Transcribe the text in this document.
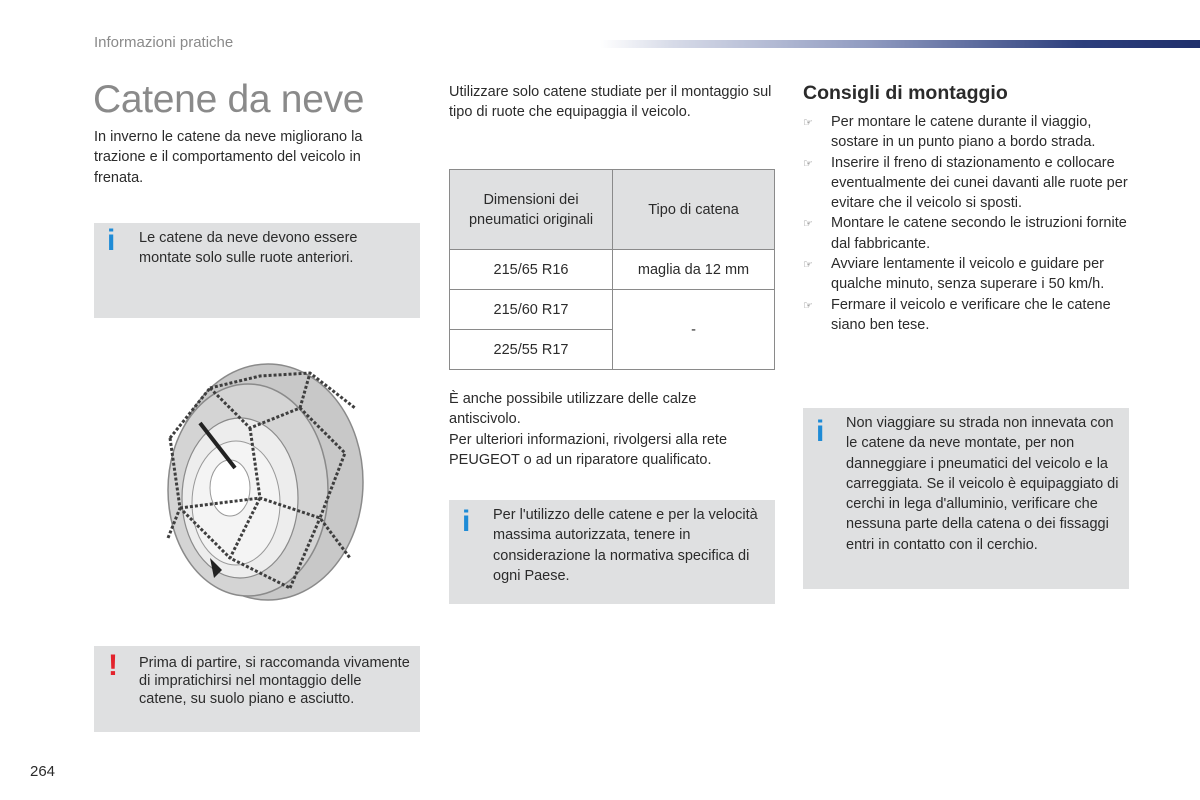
Informazioni pratiche
Catene da neve
In inverno le catene da neve migliorano la trazione e il comportamento del veicolo in frenata.
i Le catene da neve devono essere montate solo sulle ruote anteriori.
! Prima di partire, si raccomanda vivamente di impratichirsi nel montaggio delle catene, su suolo piano e asciutto.
Utilizzare solo catene studiate per il montaggio sul tipo di ruote che equipaggia il veicolo.
Dimensioni dei pneumatici originali	Tipo di catena
215/65 R16	maglia da 12 mm
215/60 R17	-
225/55 R17	
È anche possibile utilizzare delle calze antiscivolo.
Per ulteriori informazioni, rivolgersi alla rete PEUGEOT o ad un riparatore qualificato.
i Per l'utilizzo delle catene e per la velocità massima autorizzata, tenere in considerazione la normativa specifica di ogni Paese.
Consigli di montaggio
☞ Per montare le catene durante il viaggio, sostare in un punto piano a bordo strada.
☞ Inserire il freno di stazionamento e collocare eventualmente dei cunei davanti alle ruote per evitare che il veicolo si sposti.
☞ Montare le catene secondo le istruzioni fornite dal fabbricante.
☞ Avviare lentamente il veicolo e guidare per qualche minuto, senza superare i 50 km/h.
☞ Fermare il veicolo e verificare che le catene siano ben tese.
i Non viaggiare su strada non innevata con le catene da neve montate, per non danneggiare i pneumatici del veicolo e la carreggiata. Se il veicolo è equipaggiato di cerchi in lega d'alluminio, verificare che nessuna parte della catena o dei fissaggi entri in contatto con il cerchio.
264
